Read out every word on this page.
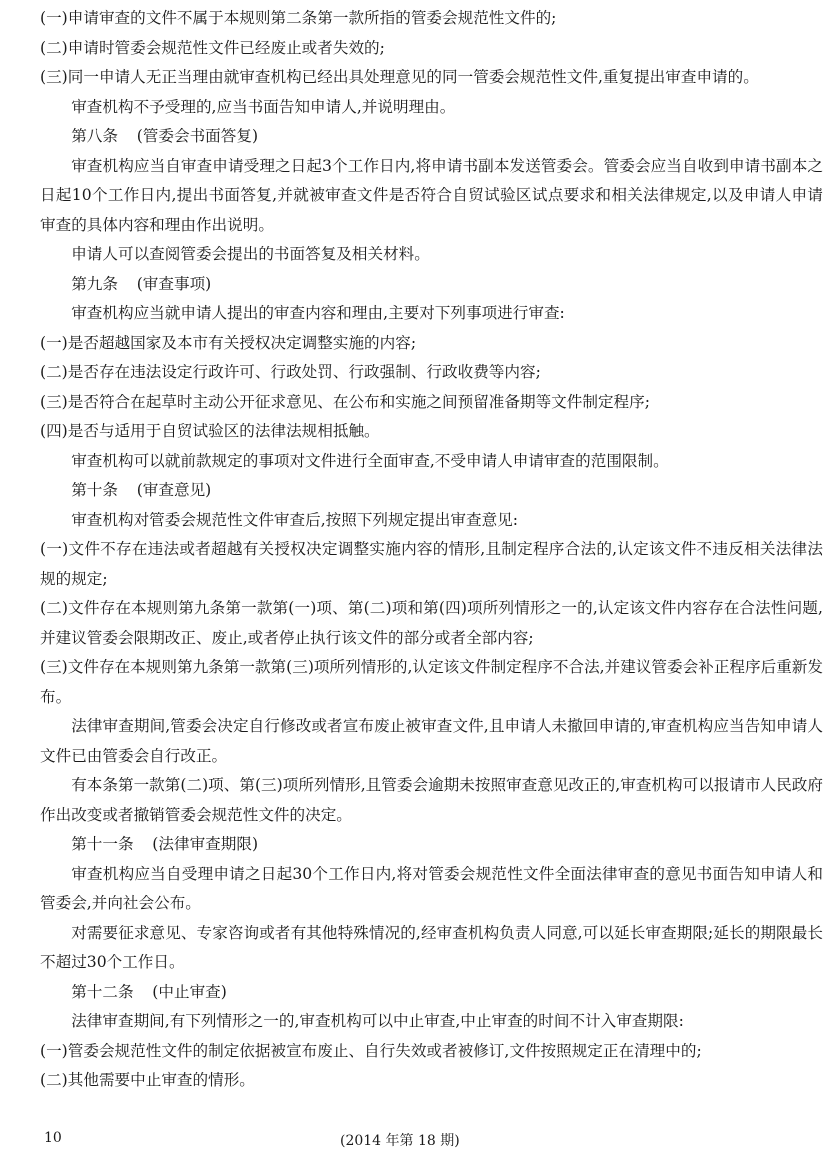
(一)申请审查的文件不属于本规则第二条第一款所指的管委会规范性文件的;

(二)申请时管委会规范性文件已经废止或者失效的;

(三)同一申请人无正当理由就审查机构已经出具处理意见的同一管委会规范性文件,重复提出审查申请的。

审查机构不予受理的,应当书面告知申请人,并说明理由。

第八条 (管委会书面答复)

审查机构应当自审查申请受理之日起3个工作日内,将申请书副本发送管委会。管委会应当自收到申请书副本之日起10个工作日内,提出书面答复,并就被审查文件是否符合自贸试验区试点要求和相关法律规定,以及申请人申请审查的具体内容和理由作出说明。

申请人可以查阅管委会提出的书面答复及相关材料。

第九条 (审查事项)

审查机构应当就申请人提出的审查内容和理由,主要对下列事项进行审查:

(一)是否超越国家及本市有关授权决定调整实施的内容;

(二)是否存在违法设定行政许可、行政处罚、行政强制、行政收费等内容;

(三)是否符合在起草时主动公开征求意见、在公布和实施之间预留准备期等文件制定程序;

(四)是否与适用于自贸试验区的法律法规相抵触。

审查机构可以就前款规定的事项对文件进行全面审查,不受申请人申请审查的范围限制。

第十条 (审查意见)

审查机构对管委会规范性文件审查后,按照下列规定提出审查意见:

(一)文件不存在违法或者超越有关授权决定调整实施内容的情形,且制定程序合法的,认定该文件不违反相关法律法规的规定;

(二)文件存在本规则第九条第一款第(一)项、第(二)项和第(四)项所列情形之一的,认定该文件内容存在合法性问题,并建议管委会限期改正、废止,或者停止执行该文件的部分或者全部内容;

(三)文件存在本规则第九条第一款第(三)项所列情形的,认定该文件制定程序不合法,并建议管委会补正程序后重新发布。

法律审查期间,管委会决定自行修改或者宣布废止被审查文件,且申请人未撤回申请的,审查机构应当告知申请人文件已由管委会自行改正。

有本条第一款第(二)项、第(三)项所列情形,且管委会逾期未按照审查意见改正的,审查机构可以报请市人民政府作出改变或者撤销管委会规范性文件的决定。

第十一条 (法律审查期限)

审查机构应当自受理申请之日起30个工作日内,将对管委会规范性文件全面法律审查的意见书面告知申请人和管委会,并向社会公布。

对需要征求意见、专家咨询或者有其他特殊情况的,经审查机构负责人同意,可以延长审查期限;延长的期限最长不超过30个工作日。

第十二条 (中止审查)

法律审查期间,有下列情形之一的,审查机构可以中止审查,中止审查的时间不计入审查期限:

(一)管委会规范性文件的制定依据被宣布废止、自行失效或者被修订,文件按照规定正在清理中的;

(二)其他需要中止审查的情形。

10	(2014 年第 18 期)
